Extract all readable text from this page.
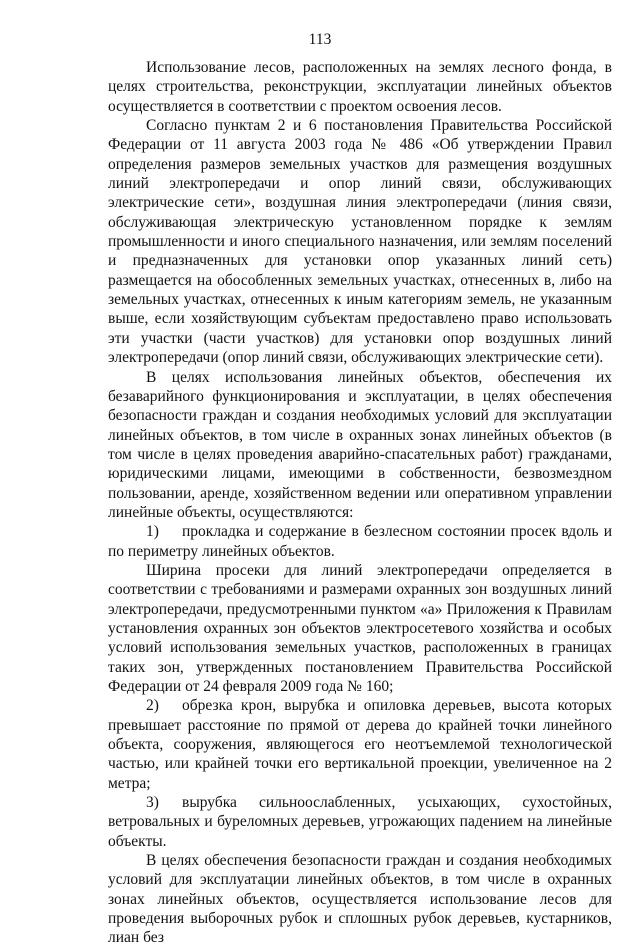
113

Использование лесов, расположенных на землях лесного фонда, в целях строительства, реконструкции, эксплуатации линейных объектов осуществляется в соответствии с проектом освоения лесов.

Согласно пунктам 2 и 6 постановления Правительства Российской Федерации от 11 августа 2003 года № 486 «Об утверждении Правил определения размеров земельных участков для размещения воздушных линий электропередачи и опор линий связи, обслуживающих электрические сети», воздушная линия электропередачи (линия связи, обслуживающая электрическую установленном порядке к землям промышленности и иного специального назначения, или землям поселений и предназначенных для установки опор указанных линий сеть) размещается на обособленных земельных участках, отнесенных в, либо на земельных участках, отнесенных к иным категориям земель, не указанным выше, если хозяйствующим субъектам предоставлено право использовать эти участки (части участков) для установки опор воздушных линий электропередачи (опор линий связи, обслуживающих электрические сети).

В целях использования линейных объектов, обеспечения их безаварийного функционирования и эксплуатации, в целях обеспечения безопасности граждан и создания необходимых условий для эксплуатации линейных объектов, в том числе в охранных зонах линейных объектов (в том числе в целях проведения аварийно-спасательных работ) гражданами, юридическими лицами, имеющими в собственности, безвозмездном пользовании, аренде, хозяйственном ведении или оперативном управлении линейные объекты, осуществляются:

1) прокладка и содержание в безлесном состоянии просек вдоль и по периметру линейных объектов.

Ширина просеки для линий электропередачи определяется в соответствии с требованиями и размерами охранных зон воздушных линий электропередачи, предусмотренными пунктом «а» Приложения к Правилам установления охранных зон объектов электросетевого хозяйства и особых условий использования земельных участков, расположенных в границах таких зон, утвержденных постановлением Правительства Российской Федерации от 24 февраля 2009 года № 160;

2) обрезка крон, вырубка и опиловка деревьев, высота которых превышает расстояние по прямой от дерева до крайней точки линейного объекта, сооружения, являющегося его неотъемлемой технологической частью, или крайней точки его вертикальной проекции, увеличенное на 2 метра;

3) вырубка сильноослабленных, усыхающих, сухостойных, ветровальных и буреломных деревьев, угрожающих падением на линейные объекты.

В целях обеспечения безопасности граждан и создания необходимых условий для эксплуатации линейных объектов, в том числе в охранных зонах линейных объектов, осуществляется использование лесов для проведения выборочных рубок и сплошных рубок деревьев, кустарников, лиан без
